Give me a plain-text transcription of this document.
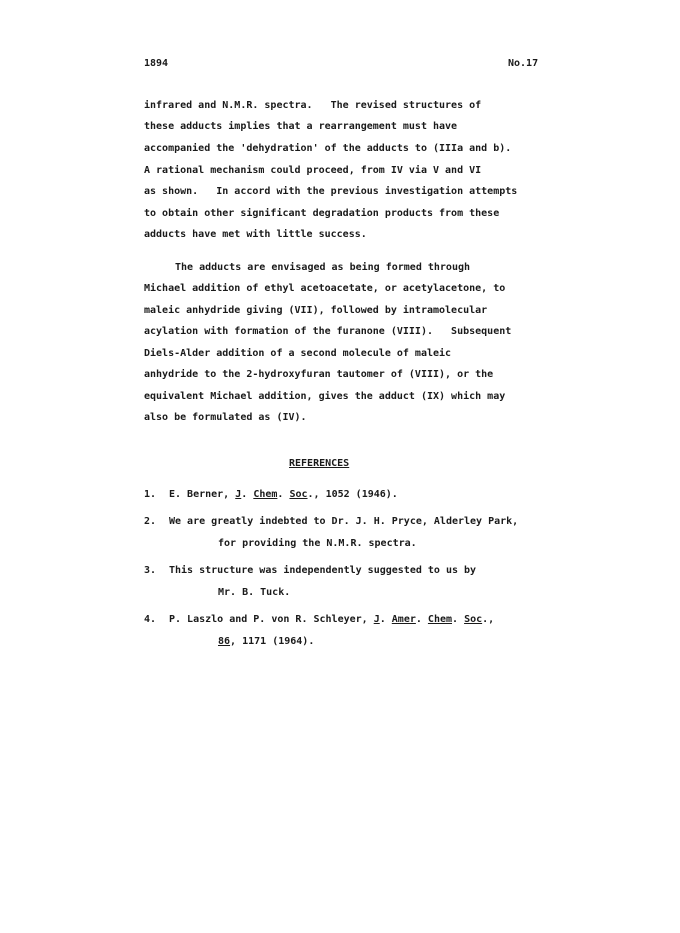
1894	No.17
infrared and N.M.R. spectra.   The revised structures of
these adducts implies that a rearrangement must have
accompanied the 'dehydration' of the adducts to (IIIa and b).
A rational mechanism could proceed, from IV via V and VI
as shown.   In accord with the previous investigation attempts
to obtain other significant degradation products from these
adducts have met with little success.
The adducts are envisaged as being formed through
Michael addition of ethyl acetoacetate, or acetylacetone, to
maleic anhydride giving (VII), followed by intramolecular
acylation with formation of the furanone (VIII).   Subsequent
Diels-Alder addition of a second molecule of maleic
anhydride to the 2-hydroxyfuran tautomer of (VIII), or the
equivalent Michael addition, gives the adduct (IX) which may
also be formulated as (IV).
REFERENCES
1. E. Berner, J. Chem. Soc., 1052 (1946).
2. We are greatly indebted to Dr. J. H. Pryce, Alderley Park,
for providing the N.M.R. spectra.
3. This structure was independently suggested to us by
Mr. B. Tuck.
4. P. Laszlo and P. von R. Schleyer, J. Amer. Chem. Soc.,
86, 1171 (1964).
